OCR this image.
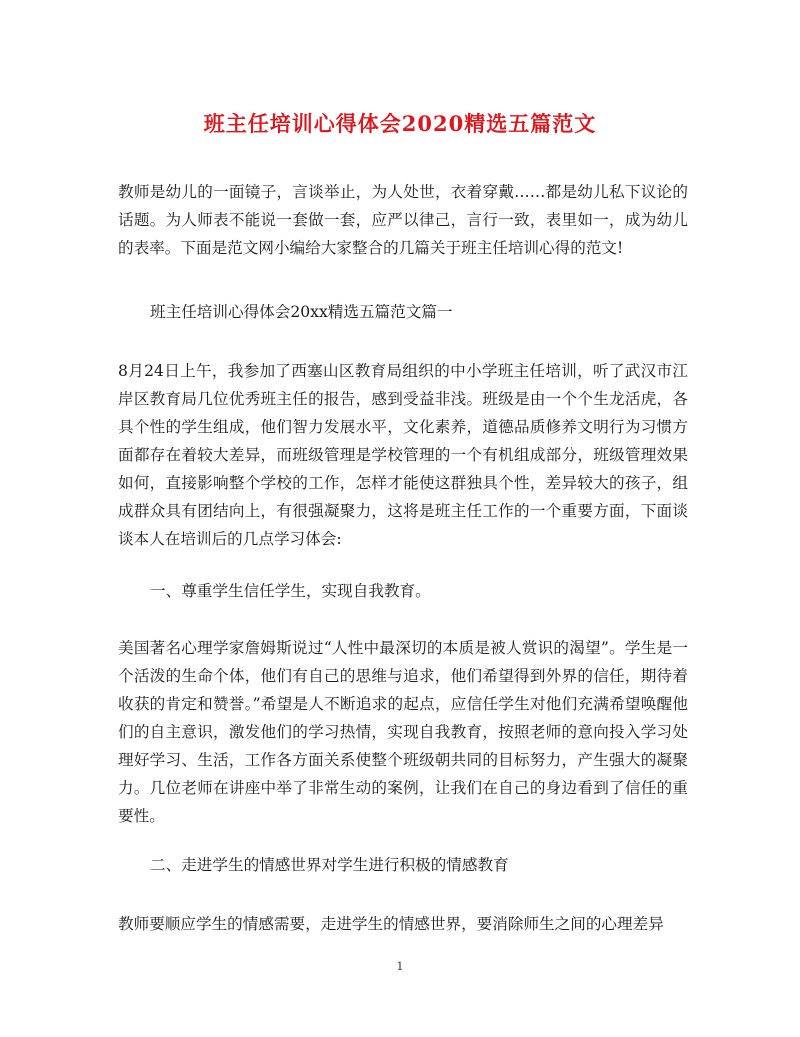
班主任培训心得体会2020精选五篇范文

教师是幼儿的一面镜子，言谈举止，为人处世，衣着穿戴……都是幼儿私下议论的话题。为人师表不能说一套做一套，应严以律己，言行一致，表里如一，成为幼儿的表率。下面是范文网小编给大家整合的几篇关于班主任培训心得的范文!

班主任培训心得体会20xx精选五篇范文篇一

8月24日上午，我参加了西塞山区教育局组织的中小学班主任培训，听了武汉市江岸区教育局几位优秀班主任的报告，感到受益非浅。班级是由一个个生龙活虎，各具个性的学生组成，他们智力发展水平，文化素养，道德品质修养文明行为习惯方面都存在着较大差异，而班级管理是学校管理的一个有机组成部分，班级管理效果如何，直接影响整个学校的工作，怎样才能使这群独具个性，差异较大的孩子，组成群众具有团结向上，有很强凝聚力，这将是班主任工作的一个重要方面，下面谈谈本人在培训后的几点学习体会:

一、尊重学生信任学生，实现自我教育。

美国著名心理学家詹姆斯说过“人性中最深切的本质是被人赏识的渴望”。学生是一个活泼的生命个体，他们有自己的思维与追求，他们希望得到外界的信任，期待着收获的肯定和赞誉。”希望是人不断追求的起点，应信任学生对他们充满希望唤醒他们的自主意识，激发他们的学习热情，实现自我教育，按照老师的意向投入学习处理好学习、生活，工作各方面关系使整个班级朝共同的目标努力，产生强大的凝聚力。几位老师在讲座中举了非常生动的案例，让我们在自己的身边看到了信任的重要性。

二、走进学生的情感世界对学生进行积极的情感教育

教师要顺应学生的情感需要，走进学生的情感世界，要消除师生之间的心理差异

1
